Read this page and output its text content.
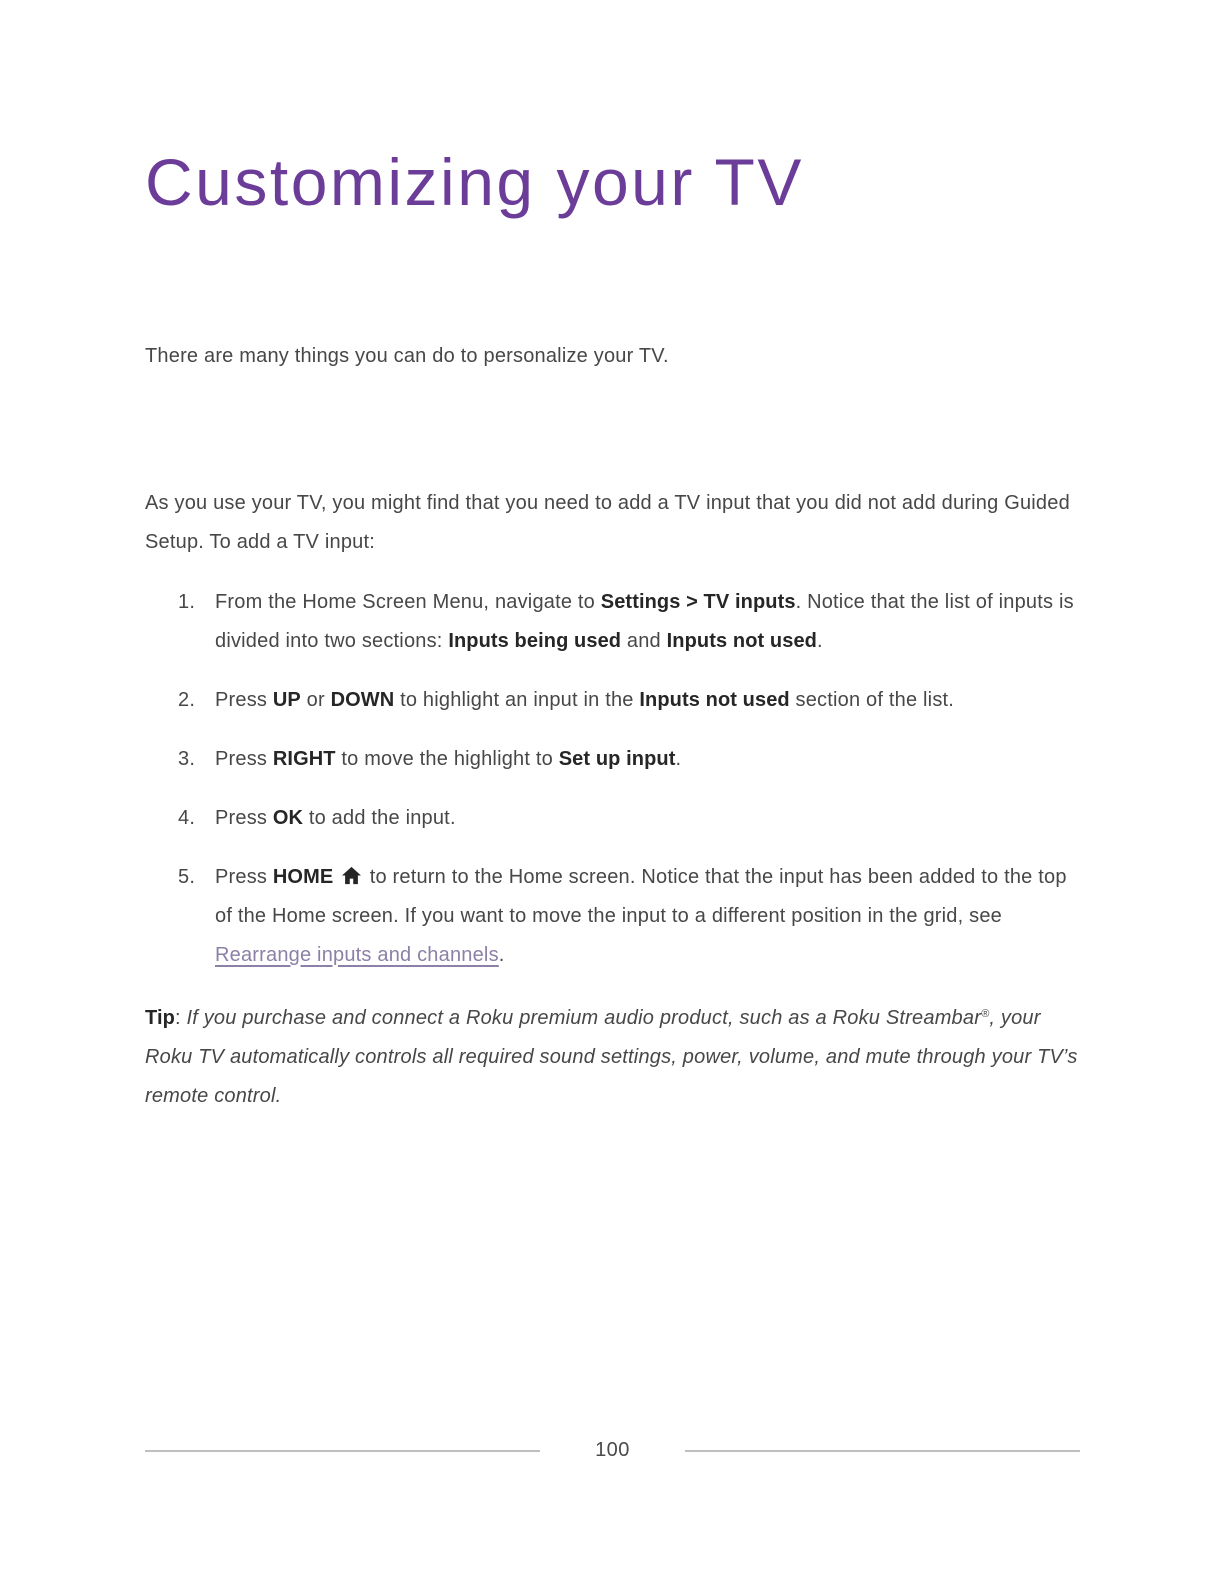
Customizing your TV

There are many things you can do to personalize your TV.

As you use your TV, you might find that you need to add a TV input that you did not add during Guided Setup. To add a TV input:

1. From the Home Screen Menu, navigate to Settings > TV inputs. Notice that the list of inputs is divided into two sections: Inputs being used and Inputs not used.
2. Press UP or DOWN to highlight an input in the Inputs not used section of the list.
3. Press RIGHT to move the highlight to Set up input.
4. Press OK to add the input.
5. Press HOME  to return to the Home screen. Notice that the input has been added to the top of the Home screen. If you want to move the input to a different position in the grid, see Rearrange inputs and channels.

Tip: If you purchase and connect a Roku premium audio product, such as a Roku Streambar®, your Roku TV automatically controls all required sound settings, power, volume, and mute through your TV’s remote control.

100
